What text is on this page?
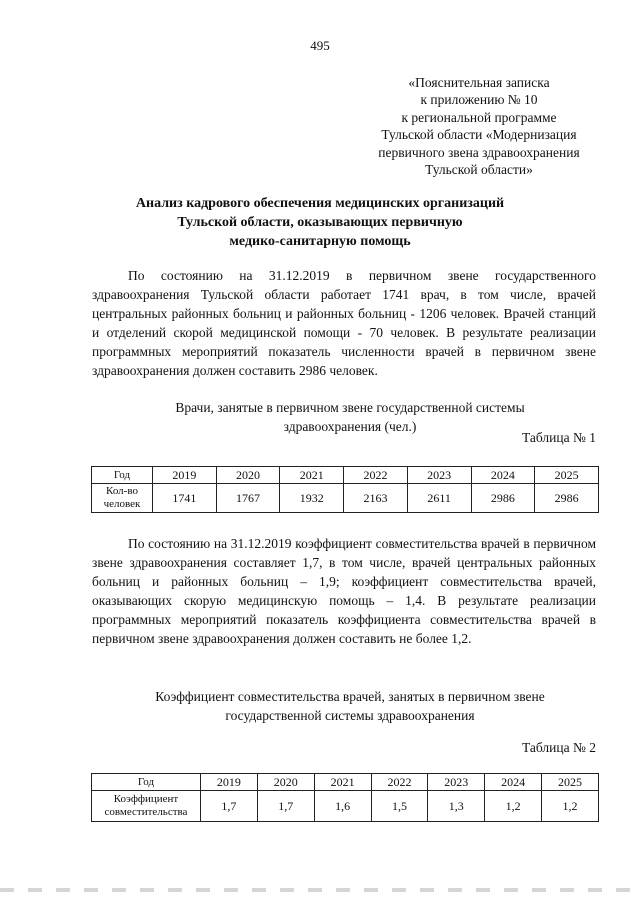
495
«Пояснительная записка
к приложению № 10
к региональной программе
Тульской области «Модернизация
первичного звена здравоохранения
Тульской области»
Анализ кадрового обеспечения медицинских организаций
Тульской области, оказывающих первичную
медико-санитарную помощь

По состоянию на 31.12.2019 в первичном звене государственного здравоохранения Тульской области работает 1741 врач, в том числе, врачей центральных районных больниц и районных больниц - 1206 человек. Врачей станций и отделений скорой медицинской помощи - 70 человек. В результате реализации программных мероприятий показатель численности врачей в первичном звене здравоохранения должен составить 2986 человек.

Врачи, занятые в первичном звене государственной системы
здравоохранения (чел.)
Таблица № 1
Год	2019	2020	2021	2022	2023	2024	2025

Кол-во
человек	1741	1767	1932	2163	2611	2986	2986

По состоянию на 31.12.2019 коэффициент совместительства врачей в первичном звене здравоохранения составляет 1,7, в том числе, врачей центральных районных больниц и районных больниц – 1,9; коэффициент совместительства врачей, оказывающих скорую медицинскую помощь – 1,4. В результате реализации программных мероприятий показатель коэффициента совместительства врачей в первичном звене здравоохранения должен составить не более 1,2.

Коэффициент совместительства врачей, занятых в первичном звене
государственной системы здравоохранения
Таблица № 2
Год	2019	2020	2021	2022	2023	2024	2025

Коэффициент
совместительства	1,7	1,7	1,6	1,5	1,3	1,2	1,2
